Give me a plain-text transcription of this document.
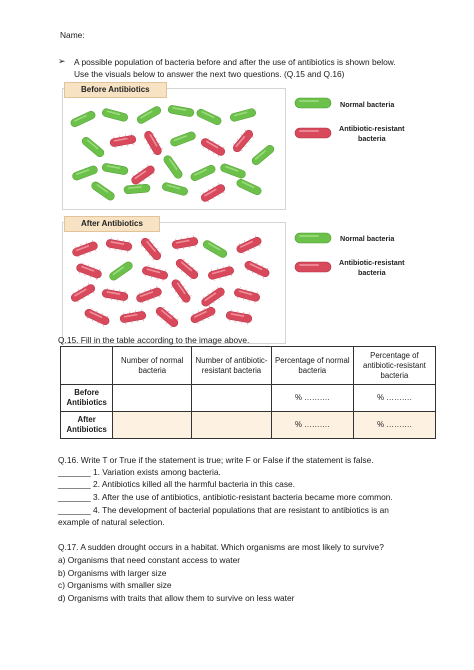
Name:
➢ A possible population of bacteria before and after the use of antibiotics is shown below.
Use the visuals below to answer the next two questions. (Q.15 and Q.16)
Before Antibiotics
After Antibiotics
Normal bacteria
Antibiotic-resistant
bacteria
Normal bacteria
Antibiotic-resistant
bacteria
Q.15. Fill in the table according to the image above.
	Number of normal bacteria	Number of antibiotic-resistant bacteria	Percentage of normal bacteria	Percentage of antibiotic-resistant bacteria
Before Antibiotics			% ……….	% ……….
After Antibiotics			% ……….	% ……….
Q.16. Write T or True if the statement is true; write F or False if the statement is false.
_______ 1. Variation exists among bacteria.
_______ 2. Antibiotics killed all the harmful bacteria in this case.
_______ 3. After the use of antibiotics, antibiotic-resistant bacteria became more common.
_______ 4. The development of bacterial populations that are resistant to antibiotics is an
example of natural selection.
Q.17. A sudden drought occurs in a habitat. Which organisms are most likely to survive?
a) Organisms that need constant access to water
b) Organisms with larger size
c) Organisms with smaller size
d) Organisms with traits that allow them to survive on less water
